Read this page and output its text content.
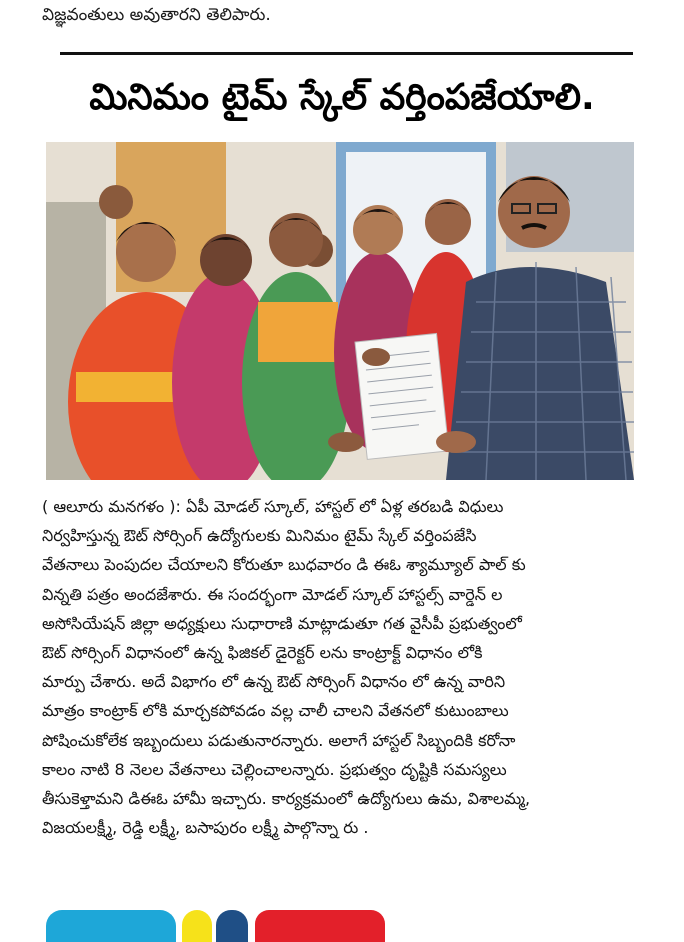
విజ్ఞవంతులు అవుతారని తెలిపారు.
మినిమం టైమ్ స్కేల్ వర్తింపజేయాలి.
( ఆలూరు మనగళం ): ఏపీ మోడల్ స్కూల్, హాస్టల్ లో ఏళ్ల తరబడి విధులు
నిర్వహిస్తున్న ఔట్ సోర్సింగ్ ఉద్యోగులకు మినిమం టైమ్ స్కేల్ వర్తింపజేసి
వేతనాలు పెంపుదల చేయాలని కోరుతూ బుధవారం డి ఈఓ శ్యామ్యూల్ పాల్ కు
విన్నతి పత్రం అందజేశారు. ఈ సందర్భంగా మోడల్ స్కూల్ హాస్టల్స్ వార్డెన్ ల
అసోసియేషన్ జిల్లా అధ్యక్షులు సుధారాణి మాట్లాడుతూ గత వైసీపీ ప్రభుత్వంలో
ఔట్ సోర్సింగ్ విధానంలో ఉన్న ఫిజికల్ డైరెక్టర్ లను కాంట్రాక్ట్ విధానం లోకి
మార్పు చేశారు. అదే విభాగం లో ఉన్న ఔట్ సోర్సింగ్ విధానం లో ఉన్న వారిని
మాత్రం కాంట్రాక్ లోకి మార్చకపోవడం వల్ల చాలీ చాలని వేతనలో కుటుంబాలు
పోషించుకోలేక ఇబ్బందులు పడుతునారన్నారు. అలాగే హాస్టల్ సిబ్బందికి కరోనా
కాలం నాటి 8 నెలల వేతనాలు చెల్లించాలన్నారు. ప్రభుత్వం దృష్టికి సమస్యలు
తీసుకెళ్తామని డిఈఓ హామీ ఇచ్చారు. కార్యక్రమంలో ఉద్యోగులు ఉమ, విశాలమ్మ,
విజయలక్ష్మీ, రెడ్డి లక్ష్మీ, బసాపురం లక్ష్మీ పాల్గొన్నా రు .
